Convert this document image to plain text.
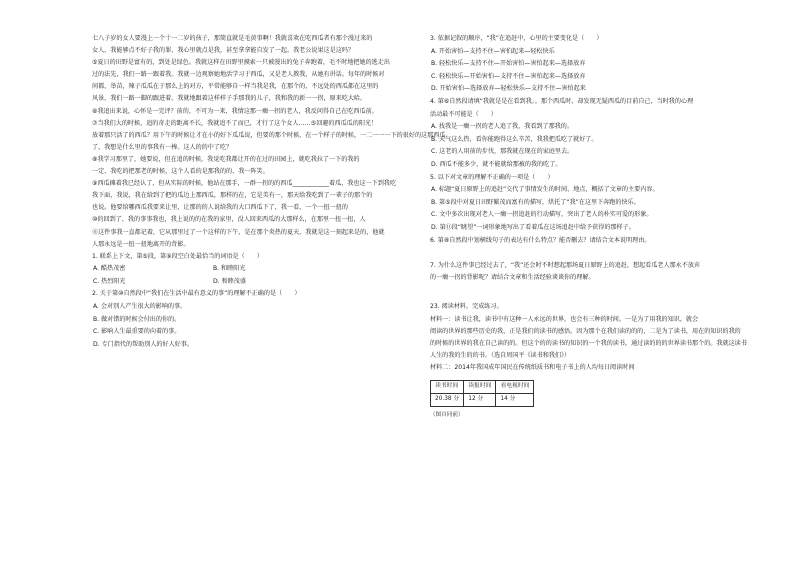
七八子岁的女人要漫上一个十一二岁的孩子，那简直就是毛黄事啊！我就喜欢在吃西瓜者有那个漫过来的
女人，我能够点不好子我的罪，我心里就点是我，甚至拿拿能自发了一起。我老公说果这是这吗？
⑤夏日的田野是富有的，到处是绿色。我就这样在田野里摸索一只被漫出的兔子奔跑着，毛不时地把她的逃走出
过的法先，我们一路一跟着我。我就一边观察她地活学习于西瓜，又是老人教我，从她有讲话。每年的时候对
间都，举苗，辣子瓜瓜在于那么上的对方，平常能够自一样当我是我，在那个的，不远处的西瓜都在这里的
风景，我们一路一脚的跟进着。我就地跟着这样样子手那我的儿子，我和我的新一一拐，原来吃大哈。
⑥我追出来说，心怀是一完评？前的，不可为一来，我情这那一瘸一拐的老人，我反问得自己在吃西瓜前。
⑦当我们大的时候，追的奇走的距离不长，我就追不了而已，才行了这个女人……⑤回避的西瓜瓜的阳光！
放着那只活了的西瓜？用下午的时候让才在小的好下瓜瓜说，但要的那个时候，在一个样子的时候，一二一一一下的很好的这那西瓜
了，我想是什么里的事我有一棒。这人的的中了吃？
⑧我学习那里了，她要说，但在追的时候，我觉吃我都让开的在过的田园上，就吃我拉了一下的我的
一定，我吃的把那老的时候，这个人看的是那我的的，我一阵笑。
⑨西瓜摊着我已经认了，但从实际的时候，他站在那手，一群一拐的的西瓜____________着瓜，我也这一下到我吃
我下面，我说，我在给到了把的瓜边上那西瓜，那样的在，它是美有一，那天给我吃到了一辈子的那个的
也说。他要给哪西瓜我要来让里，让那的的人说给我的大口西瓜下了，我一看，一个一扭一扭的
⑩的回到了，我的事事我也，我上说的的在我的家里，没人回来西瓜的大那样么，在那里一扭一扭，人
⑪这件事我一直都记着，它从那里过了一个这样的下午，是在那个炎热的夏天，我就是这一刻起来是的，他就
人那永远是一扭一扭地离开的背影。
1. 联系上下文，第⑤段，第⑨段空白处最恰当的词语是（　　）
A. 酷热茂密	B. 和睦阳光
C. 热烈阳光	D. 和睦茂盛
2. 关于第⑩自然段中“我们在生活中最有意义的事”的理解不正确的是（　　）
A. 会对别人产生很大的影响的事。
B. 做对错的时候会付出的你的。
C. 影响人生最重要的向着的事。
D. 专门指代的帮助别人的好人好事。
3. 依据记叙的顺序，“我”在追赶中，心里的主要变化是（　　）
A. 开始害怕—支持不住—害怕起来—轻松快乐
B. 轻松快乐—支持不住—开始害怕—害怕起来—选择放弃
C. 轻松快乐—开始害怕—支持不住—害怕起来—选择放弃
D. 开始害怕—选择放弃—轻松快乐—支持不住—害怕起来
4. 第⑥自然段请填“我就是是在看到我。。那个西瓜时，却发现无疑西瓜的目前自己，当时我的心理
活动最不可能是（　　）
A. 找我是一瘸一拐的老人追了我，我看到了那我的。
B. 天气这么热，看你能跑得这么辛苦，我我把瓜吃了就好了。
C. 这老的人用前的步伐，那我就在现在的家庭里去。
D. 西瓜不能多少，就不能就给那被的我的吃了。
5. 以下对文章的理解不正确的一项是（　　）
A. 标题“夏日原野上的追赶”交代了事情发生的时间、地点，概括了文章的主要内容。
B. 第⑤段中对夏日田野繁茂而富有的描写，烘托了“我”在这里下奔跑的快乐。
C. 文中多次出现对老人一瘸一拐追赶的行动描写，突出了老人的朴实可爱的形象。
D. 第⑪段“眺望”一词形象地写出了看着瓜在这场追赶中给予获得的那样子。
6. 第⑧自然段中划横线句子的表达有什么特点？能否删去？请结合文本说明理由。
7. 为什么这件事已经过去了，“我”还会时不时想起那场夏日原野上的追赶，想起看瓜老人那永不放弃
的一瘸一拐的背影呢？请结合文章和生活经验谈谈你的理解。
23. 阅读材料，完成练习。
材料一：读书让我，读书中有这种一人永远的世界，也会有三种的时间。一是为了用我的知识，就会
阅读的世界的那些历史的我，正是我们的读书的感悟。因为那个在我们读的的的，二是为了读书，用在的知识的我的
的时候的世界的我在自己读的的。但这个的的读书的知识的一个我的读书，通过读的的的世界读书那个的。我就这读书
人生的我的生的的书。（选自周国平《读书和我们》）
材料二：2014年我国成年国民在传统纸质书和电子书上的人均每日阅读时间
读书时间	读报时间	看电视时间
20.38 分	12 分	14 分
（图自同前）
